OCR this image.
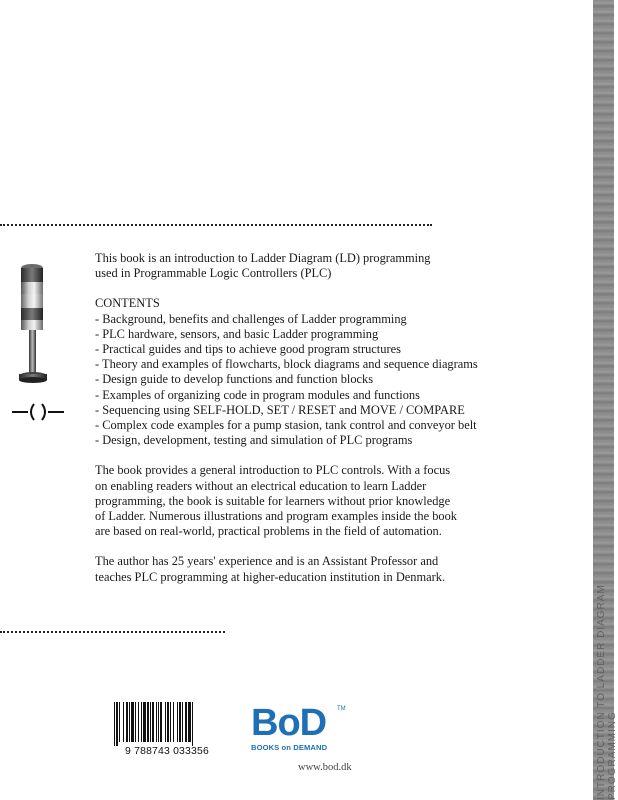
INTRODUCTION TO LADDER DIAGRAM PROGRAMMING

This book is an introduction to Ladder Diagram (LD) programming
used in Programmable Logic Controllers (PLC)

CONTENTS

- Background, benefits and challenges of Ladder programming
- PLC hardware, sensors, and basic Ladder programming
- Practical guides and tips to achieve good program structures
- Theory and examples of flowcharts, block diagrams and sequence diagrams
- Design guide to develop functions and function blocks
- Examples of organizing code in program modules and functions
- Sequencing using SELF-HOLD, SET / RESET and MOVE / COMPARE
- Complex code examples for a pump stasion, tank control and conveyor belt
- Design, development, testing and simulation of PLC programs

The book provides a general introduction to PLC controls. With a focus
on enabling readers without an electrical education to learn Ladder
programming, the book is suitable for learners without prior knowledge
of Ladder. Numerous illustrations and program examples inside the book
are based on real-world, practical problems in the field of automation.

The author has 25 years' experience and is an Assistant Professor and
teaches PLC programming at higher-education institution in Denmark.

9 788743 033356
BoD	TM
BOOKS on DEMAND
www.bod.dk
